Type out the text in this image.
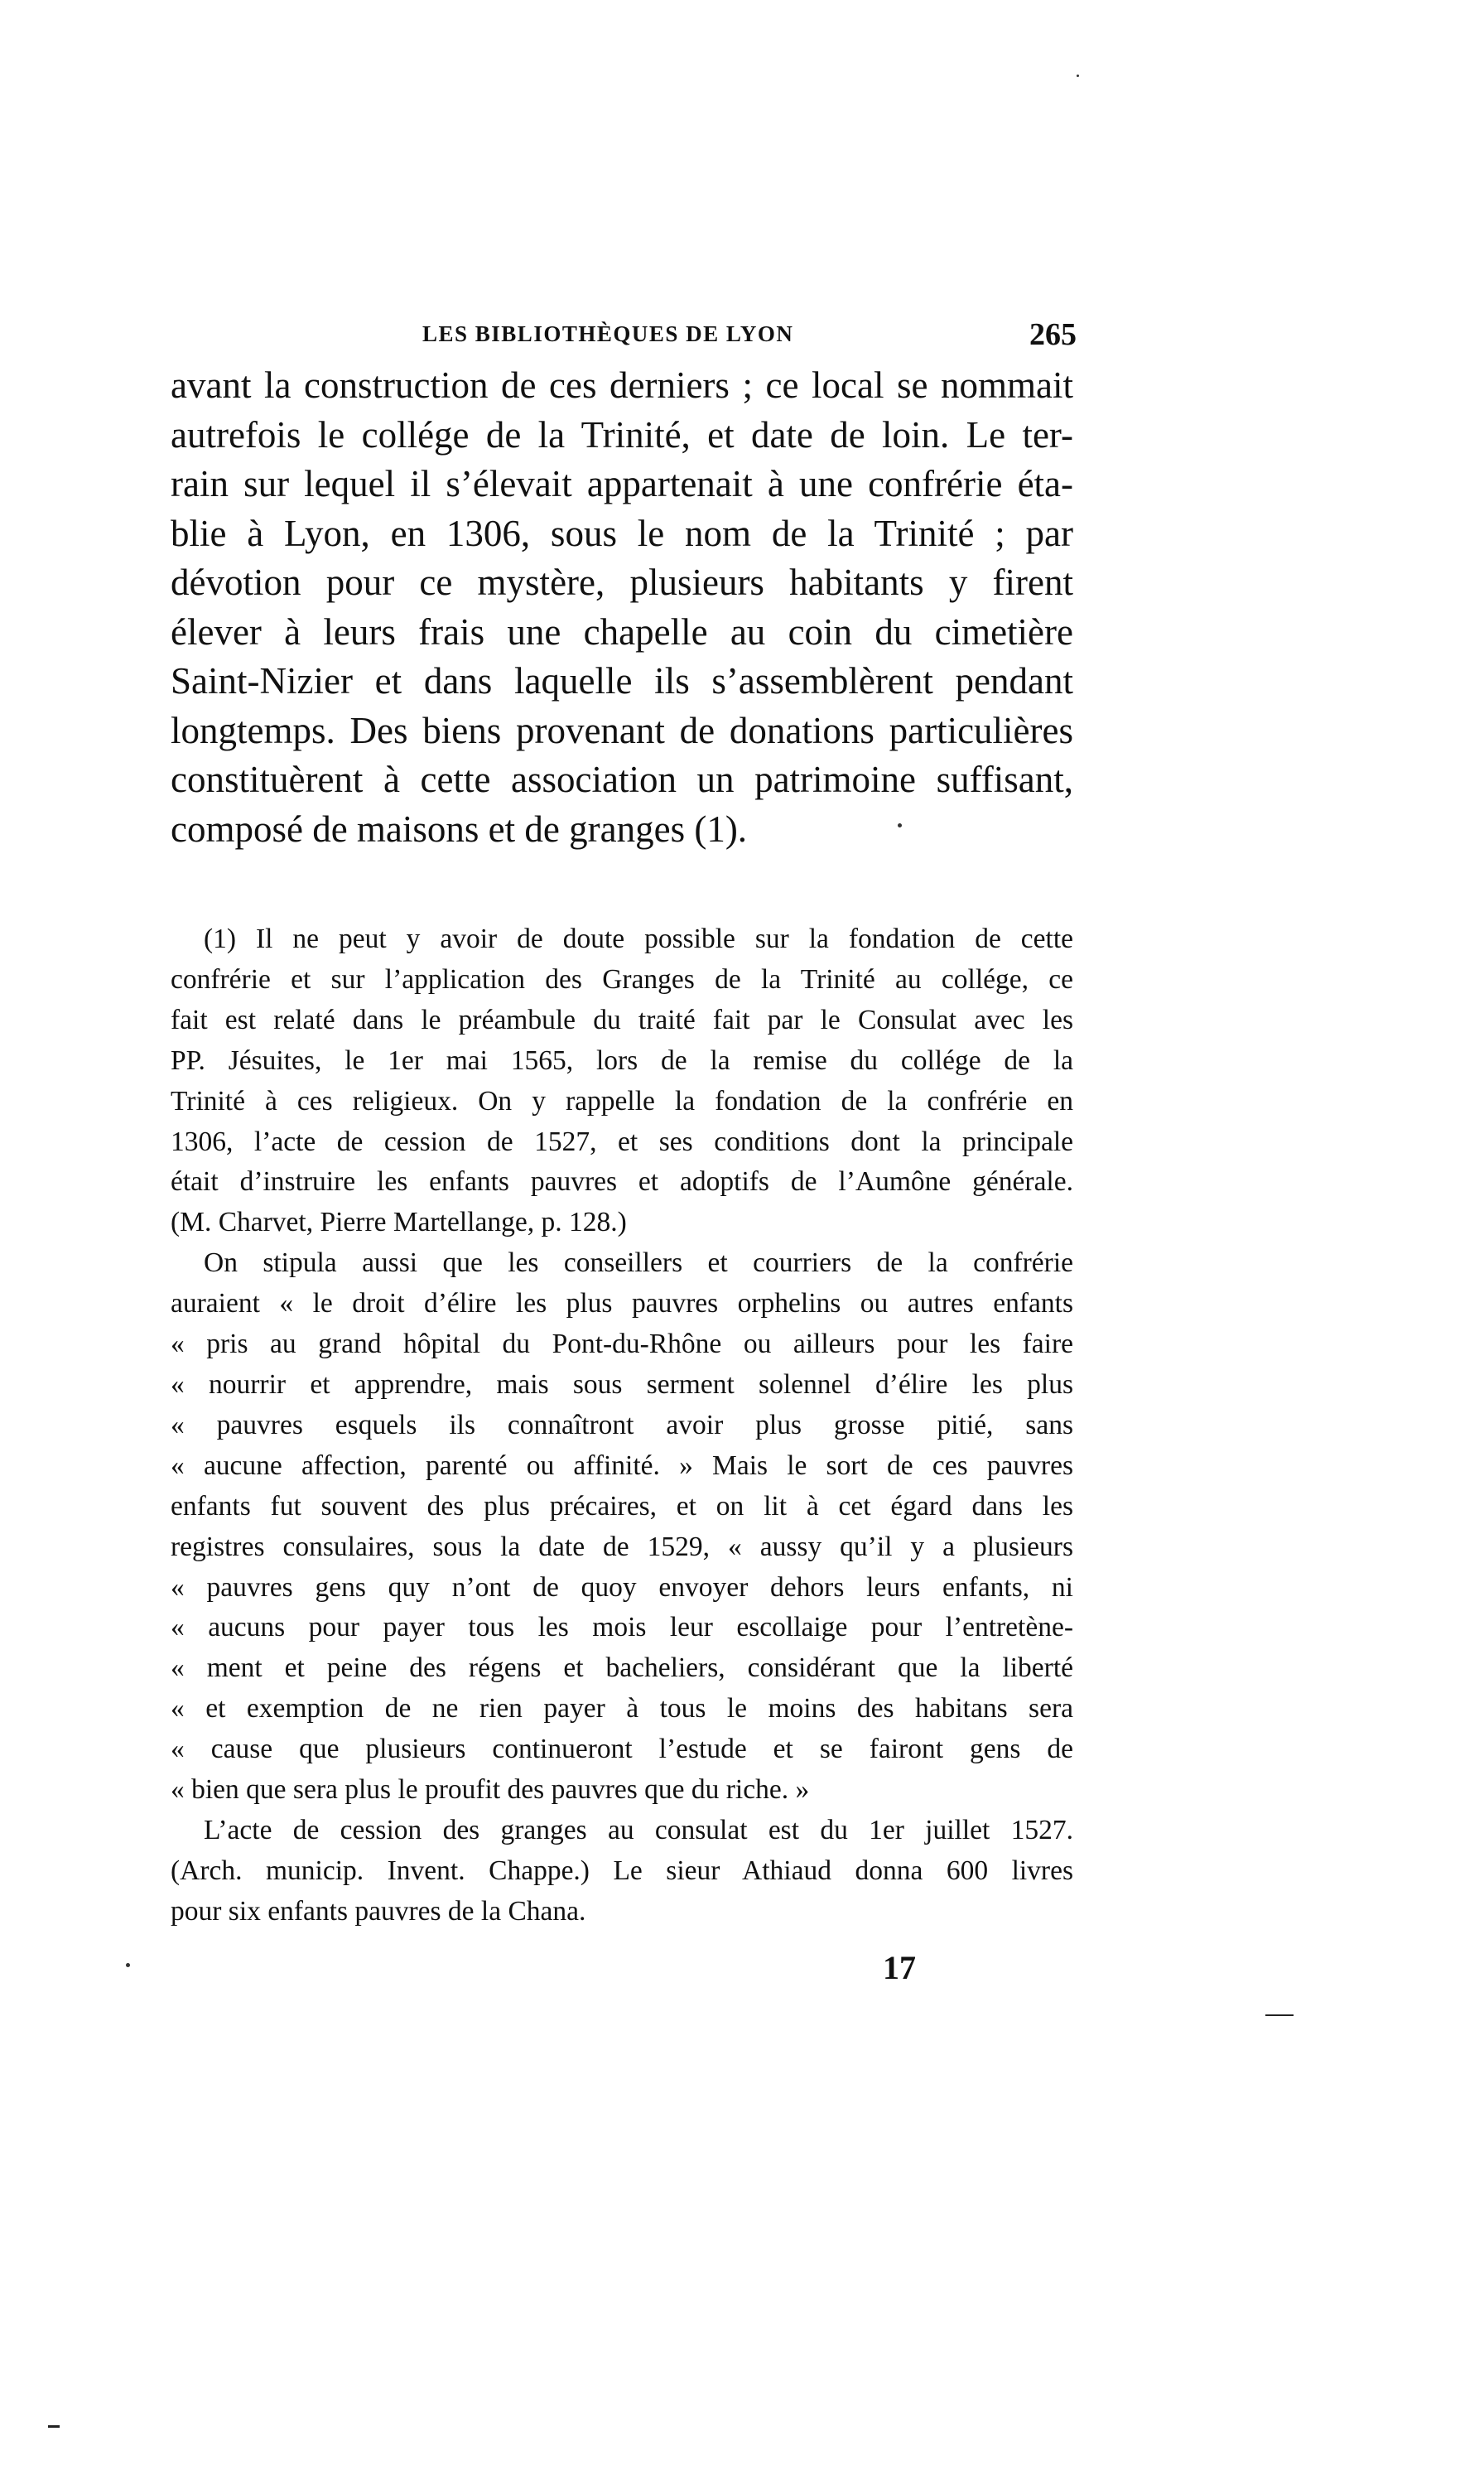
LES BIBLIOTHÈQUES DE LYON	265
avant la construction de ces derniers ; ce local se nommait
autrefois le collége de la Trinité, et date de loin. Le ter-
rain sur lequel il s’élevait appartenait à une confrérie éta-
blie à Lyon, en 1306, sous le nom de la Trinité ; par
dévotion pour ce mystère, plusieurs habitants y firent
élever à leurs frais une chapelle au coin du cimetière
Saint-Nizier et dans laquelle ils s’assemblèrent pendant
longtemps. Des biens provenant de donations particulières
constituèrent à cette association un patrimoine suffisant,
composé de maisons et de granges (1).
(1) Il ne peut y avoir de doute possible sur la fondation de cette
confrérie et sur l’application des Granges de la Trinité au collége, ce
fait est relaté dans le préambule du traité fait par le Consulat avec les
PP. Jésuites, le 1er mai 1565, lors de la remise du collége de la
Trinité à ces religieux. On y rappelle la fondation de la confrérie en
1306, l’acte de cession de 1527, et ses conditions dont la principale
était d’instruire les enfants pauvres et adoptifs de l’Aumône générale.
(M. Charvet, Pierre Martellange, p. 128.)
On stipula aussi que les conseillers et courriers de la confrérie
auraient « le droit d’élire les plus pauvres orphelins ou autres enfants
« pris au grand hôpital du Pont-du-Rhône ou ailleurs pour les faire
« nourrir et apprendre, mais sous serment solennel d’élire les plus
« pauvres esquels ils connaîtront avoir plus grosse pitié, sans
« aucune affection, parenté ou affinité. » Mais le sort de ces pauvres
enfants fut souvent des plus précaires, et on lit à cet égard dans les
registres consulaires, sous la date de 1529, « aussy qu’il y a plusieurs
« pauvres gens quy n’ont de quoy envoyer dehors leurs enfants, ni
« aucuns pour payer tous les mois leur escollaige pour l’entretène-
« ment et peine des régens et bacheliers, considérant que la liberté
« et exemption de ne rien payer à tous le moins des habitans sera
« cause que plusieurs continueront l’estude et se fairont gens de
« bien que sera plus le proufit des pauvres que du riche. »
L’acte de cession des granges au consulat est du 1er juillet 1527.
(Arch. municip. Invent. Chappe.) Le sieur Athiaud donna 600 livres
pour six enfants pauvres de la Chana.
17
